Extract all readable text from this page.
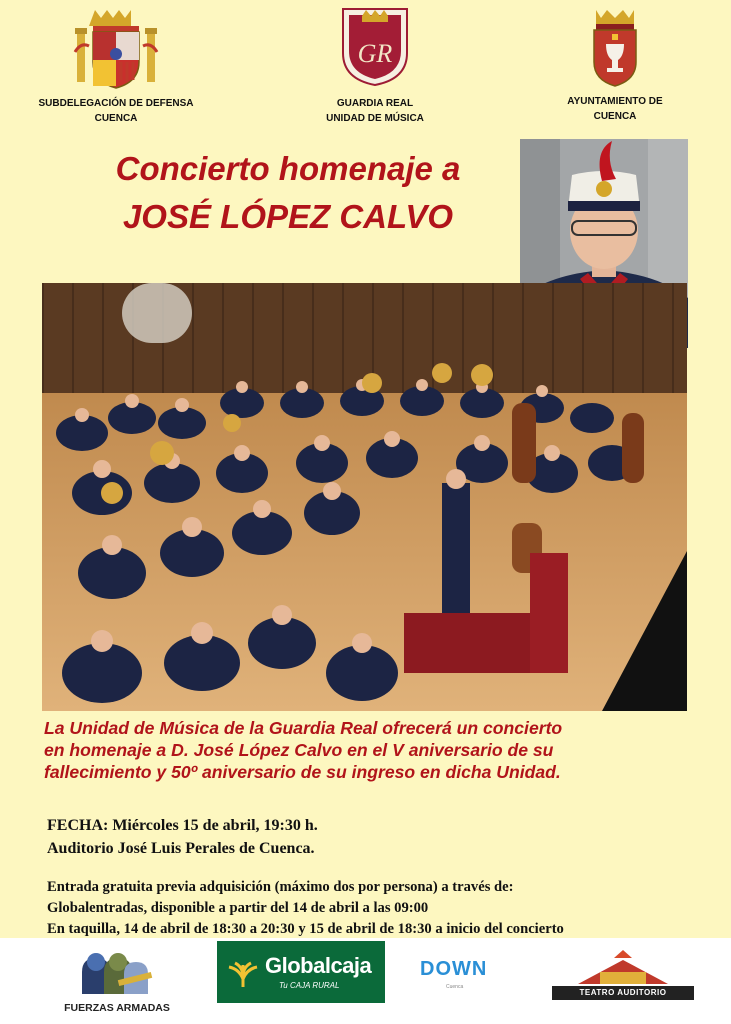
SUBDELEGACIÓN DE DEFENSA
CUENCA
GR
GUARDIA REAL
UNIDAD DE MÚSICA
AYUNTAMIENTO DE
CUENCA
Concierto homenaje a
JOSÉ LÓPEZ CALVO
La Unidad de Música de la Guardia Real ofrecerá un concierto
en homenaje a D. José López Calvo en el V aniversario de su
fallecimiento y 50º aniversario de su ingreso en dicha Unidad.
FECHA: Miércoles 15 de abril, 19:30 h.
Auditorio José Luis Perales de Cuenca.
Entrada gratuita previa adquisición (máximo dos por persona) a través de:
Globalentradas, disponible a partir del 14 de abril a las 09:00
En taquilla, 14 de abril de 18:30 a 20:30 y 15 de abril de 18:30 a inicio del concierto
FUERZAS ARMADAS
Globalcaja
Tu CAJA RURAL
DOWN
Cuenca
TEATRO AUDITORIO
